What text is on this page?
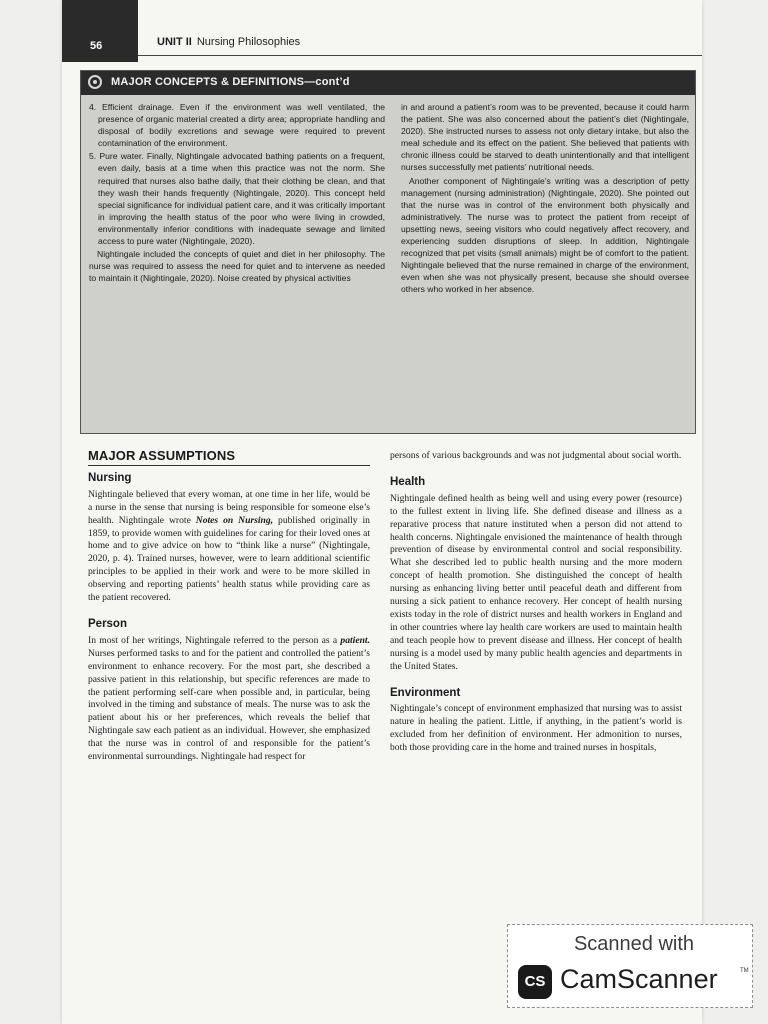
56	UNIT II Nursing Philosophies
MAJOR CONCEPTS & DEFINITIONS—cont’d

4. Efficient drainage. Even if the environment was well ventilated, the presence of organic material created a dirty area; appropriate handling and disposal of bodily excretions and sewage were required to prevent contamination of the environment.

5. Pure water. Finally, Nightingale advocated bathing patients on a frequent, even daily, basis at a time when this practice was not the norm. She required that nurses also bathe daily, that their clothing be clean, and that they wash their hands frequently (Nightingale, 2020). This concept held special significance for individual patient care, and it was critically important in improving the health status of the poor who were living in crowded, environmentally inferior conditions with inadequate sewage and limited access to pure water (Nightingale, 2020).

Nightingale included the concepts of quiet and diet in her philosophy. The nurse was required to assess the need for quiet and to intervene as needed to maintain it (Nightingale, 2020). Noise created by physical activities

in and around a patient’s room was to be prevented, because it could harm the patient. She was also concerned about the patient’s diet (Nightingale, 2020). She instructed nurses to assess not only dietary intake, but also the meal schedule and its effect on the patient. She believed that patients with chronic illness could be starved to death unintentionally and that intelligent nurses successfully met patients’ nutritional needs.

Another component of Nightingale’s writing was a description of petty management (nursing administration) (Nightingale, 2020). She pointed out that the nurse was in control of the environment both physically and administratively. The nurse was to protect the patient from receipt of upsetting news, seeing visitors who could negatively affect recovery, and experiencing sudden disruptions of sleep. In addition, Nightingale recognized that pet visits (small animals) might be of comfort to the patient. Nightingale believed that the nurse remained in charge of the environment, even when she was not physically present, because she should oversee others who worked in her absence.

MAJOR ASSUMPTIONS
Nursing

Nightingale believed that every woman, at one time in her life, would be a nurse in the sense that nursing is being responsible for someone else’s health. Nightingale wrote Notes on Nursing, published originally in 1859, to provide women with guidelines for caring for their loved ones at home and to give advice on how to “think like a nurse” (Nightingale, 2020, p. 4). Trained nurses, however, were to learn additional scientific principles to be applied in their work and were to be more skilled in observing and reporting patients’ health status while providing care as the patient recovered.

Person

In most of her writings, Nightingale referred to the person as a patient. Nurses performed tasks to and for the patient and controlled the patient’s environment to enhance recovery. For the most part, she described a passive patient in this relationship, but specific references are made to the patient performing self-care when possible and, in particular, being involved in the timing and substance of meals. The nurse was to ask the patient about his or her preferences, which reveals the belief that Nightingale saw each patient as an individual. However, she emphasized that the nurse was in control of and responsible for the patient’s environmental surroundings. Nightingale had respect for

persons of various backgrounds and was not judgmental about social worth.

Health

Nightingale defined health as being well and using every power (resource) to the fullest extent in living life. She defined disease and illness as a reparative process that nature instituted when a person did not attend to health concerns. Nightingale envisioned the maintenance of health through prevention of disease by environmental control and social responsibility. What she described led to public health nursing and the more modern concept of health promotion. She distinguished the concept of health nursing as enhancing living better until peaceful death and different from nursing a sick patient to enhance recovery. Her concept of health nursing exists today in the role of district nurses and health workers in England and in other countries where lay health care workers are used to maintain health and teach people how to prevent disease and illness. Her concept of health nursing is a model used by many public health agencies and departments in the United States.

Environment

Nightingale’s concept of environment emphasized that nursing was to assist nature in healing the patient. Little, if anything, in the patient’s world is excluded from her definition of environment. Her admonition to nurses, both those providing care in the home and trained nurses in hospitals,

Scanned with
CS CamScanner	TM
